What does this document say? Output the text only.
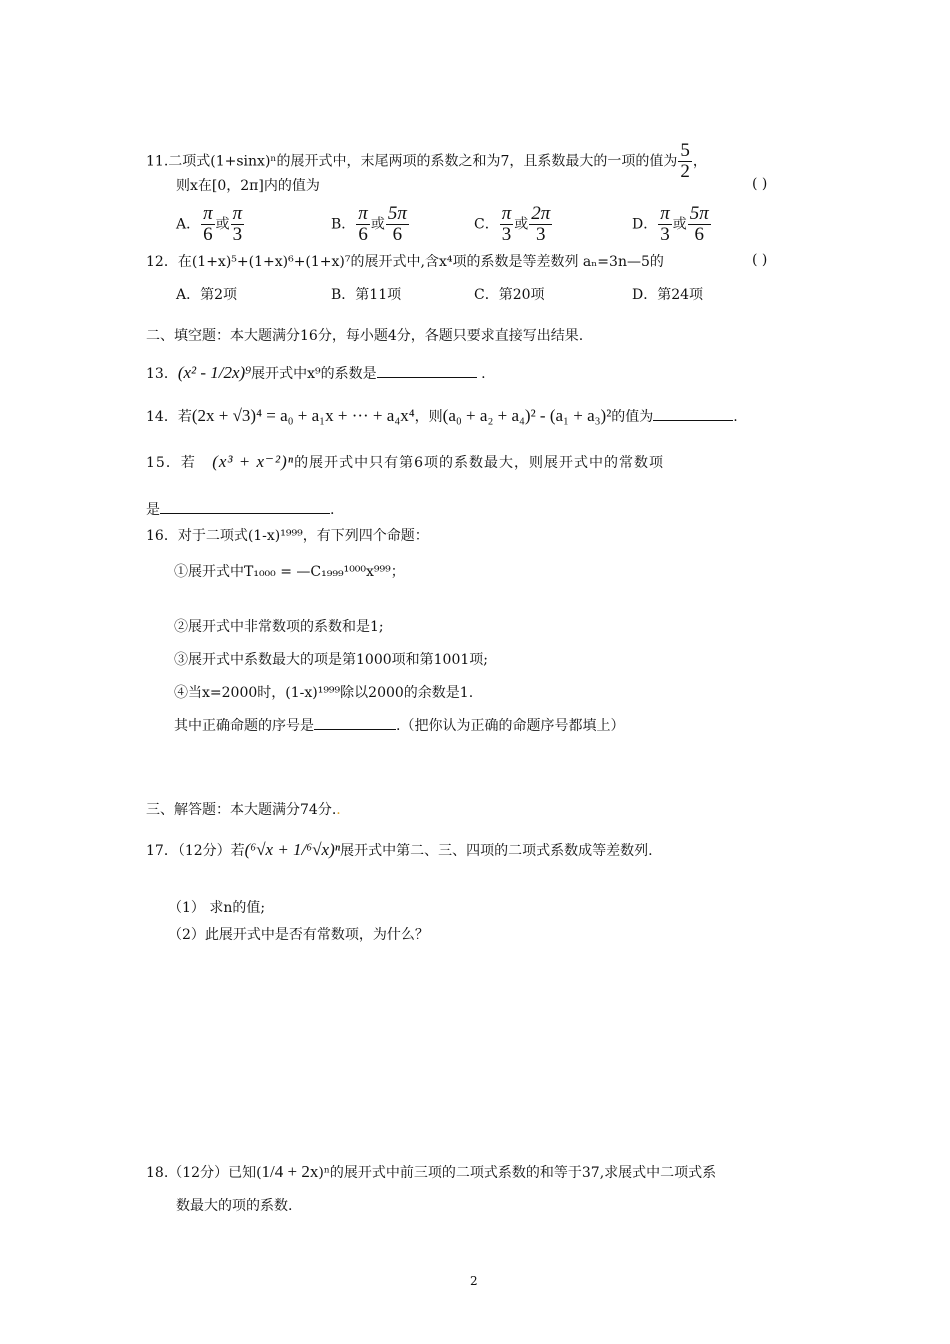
11.二项式(1+sinx)ⁿ的展开式中，末尾两项的系数之和为7，且系数最大的一项的值为 $\frac{5}{2}$ ，
则x在[0，2π]内的值为	( )
A． $\frac{\pi}{6}$ 或 $\frac{\pi}{3}$	B． $\frac{\pi}{6}$ 或 $\frac{5\pi}{6}$	C． $\frac{\pi}{3}$ 或 $\frac{2\pi}{3}$	D． $\frac{\pi}{3}$ 或 $\frac{5\pi}{6}$
12．在(1+x)⁵+(1+x)⁶+(1+x)⁷的展开式中,含x⁴项的系数是等差数列 aₙ=3n—5的	( )
A．第2项	B．第11项	C．第20项	D．第24项
二、填空题：本大题满分16分，每小题4分，各题只要求直接写出结果.
13．(x² - 1/2x)⁹展开式中x⁹的系数是	.
14．若(2x + √3)⁴ = a₀ + a₁x + ··· + a₄x⁴，则(a₀ + a₂ + a₄)² - (a₁ + a₃)²的值为	.
15．若 (x³ + x⁻²)ⁿ的展开式中只有第6项的系数最大，则展开式中的常数项
是	.
16．对于二项式(1-x)¹⁹⁹⁹，有下列四个命题：
①展开式中T₁₀₀₀ = —C₁₉₉₉¹⁰⁰⁰x⁹⁹⁹；
②展开式中非常数项的系数和是1;
③展开式中系数最大的项是第1000项和第1001项;
④当x=2000时，(1-x)¹⁹⁹⁹除以2000的余数是1.
其中正确命题的序号是	.（把你认为正确的命题序号都填上）
三、解答题：本大题满分74分..
17．（12分）若(⁶√x + 1/⁶√x)ⁿ展开式中第二、三、四项的二项式系数成等差数列.
（1） 求n的值;
（2）此展开式中是否有常数项，为什么？
18.（12分）已知(1/4 + 2x)ⁿ的展开式中前三项的二项式系数的和等于37,求展式中二项式系
数最大的项的系数.
2
